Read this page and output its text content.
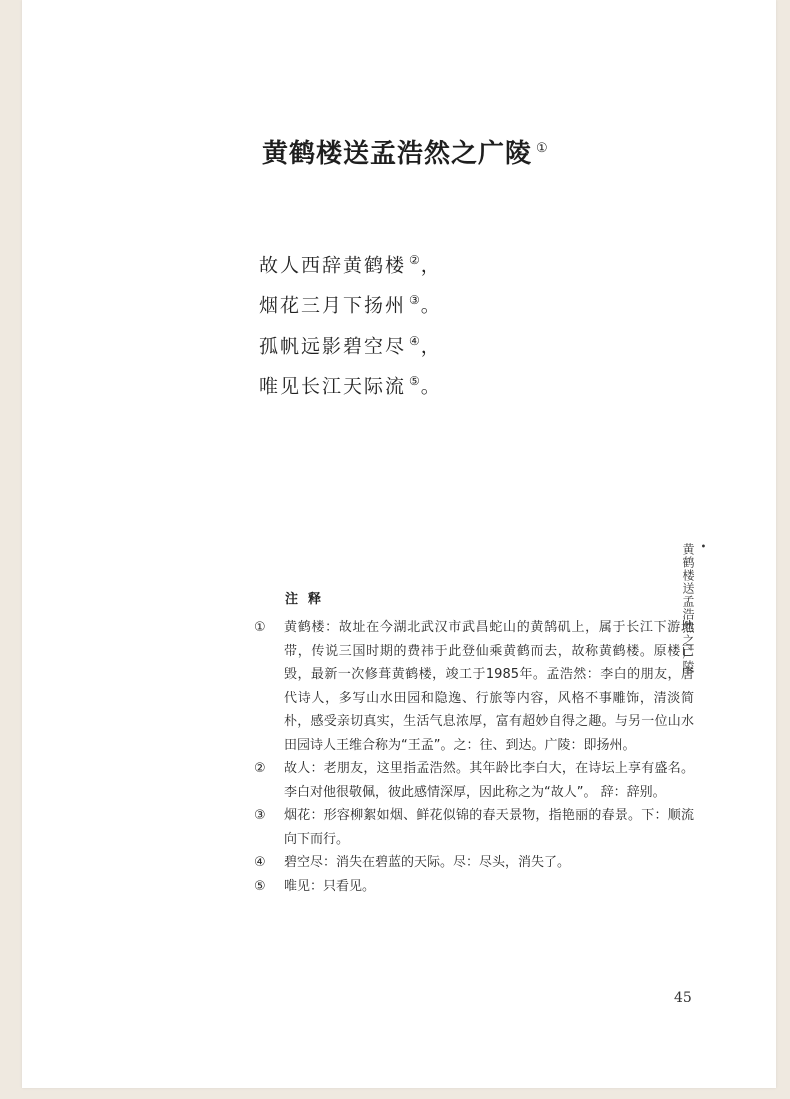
黄鹤楼送孟浩然之广陵 ①
故人西辞黄鹤楼 ②，
烟花三月下扬州 ③。
孤帆远影碧空尽 ④，
唯见长江天际流 ⑤。
•
黄鹤楼送孟浩然之广陵
注释
①	黄鹤楼：故址在今湖北武汉市武昌蛇山的黄鹄矶上，属于长江下游地带，传说三国时期的费祎于此登仙乘黄鹤而去，故称黄鹤楼。原楼已毁，最新一次修葺黄鹤楼，竣工于1985年。孟浩然：李白的朋友，唐代诗人，多写山水田园和隐逸、行旅等内容，风格不事雕饰，清淡简朴，感受亲切真实，生活气息浓厚，富有超妙自得之趣。与另一位山水田园诗人王维合称为“王孟”。之：往、到达。广陵：即扬州。
②	故人：老朋友，这里指孟浩然。其年龄比李白大，在诗坛上享有盛名。李白对他很敬佩，彼此感情深厚，因此称之为“故人”。 辞：辞别。
③	烟花：形容柳絮如烟、鲜花似锦的春天景物，指艳丽的春景。下：顺流向下而行。
④	碧空尽：消失在碧蓝的天际。尽：尽头，消失了。
⑤	唯见：只看见。
45
